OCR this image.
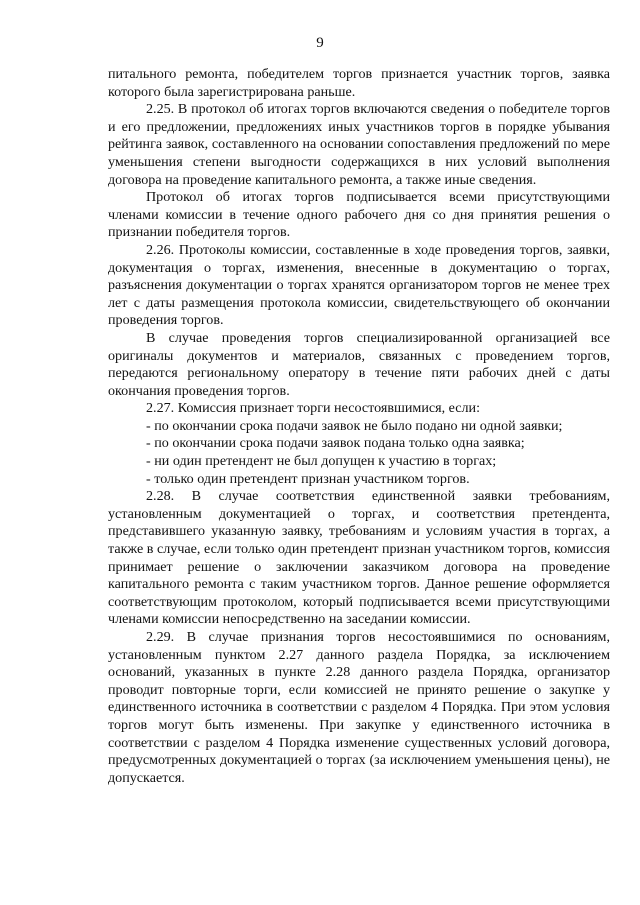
9

питального ремонта, победителем торгов признается участник торгов, заявка которого была зарегистрирована раньше.

2.25. В протокол об итогах торгов включаются сведения о победителе торгов и его предложении, предложениях иных участников торгов в порядке убывания рейтинга заявок, составленного на основании сопоставления предложений по мере уменьшения степени выгодности содержащихся в них условий выполнения договора на проведение капитального ремонта, а также иные сведения.

Протокол об итогах торгов подписывается всеми присутствующими членами комиссии в течение одного рабочего дня со дня принятия решения о признании победителя торгов.

2.26. Протоколы комиссии, составленные в ходе проведения торгов, заявки, документация о торгах, изменения, внесенные в документацию о торгах, разъяснения документации о торгах хранятся организатором торгов не менее трех лет с даты размещения протокола комиссии, свидетельствующего об окончании проведения торгов.

В случае проведения торгов специализированной организацией все оригиналы документов и материалов, связанных с проведением торгов, передаются региональному оператору в течение пяти рабочих дней с даты окончания проведения торгов.

2.27. Комиссия признает торги несостоявшимися, если:

- по окончании срока подачи заявок не было подано ни одной заявки;

- по окончании срока подачи заявок подана только одна заявка;

- ни один претендент не был допущен к участию в торгах;

- только один претендент признан участником торгов.

2.28. В случае соответствия единственной заявки требованиям, установленным документацией о торгах, и соответствия претендента, представившего указанную заявку, требованиям и условиям участия в торгах, а также в случае, если только один претендент признан участником торгов, комиссия принимает решение о заключении заказчиком договора на проведение капитального ремонта с таким участником торгов. Данное решение оформляется соответствующим протоколом, который подписывается всеми присутствующими членами комиссии непосредственно на заседании комиссии.

2.29. В случае признания торгов несостоявшимися по основаниям, установленным пунктом 2.27 данного раздела Порядка, за исключением оснований, указанных в пункте 2.28 данного раздела Порядка, организатор проводит повторные торги, если комиссией не принято решение о закупке у единственного источника в соответствии с разделом 4 Порядка. При этом условия торгов могут быть изменены. При закупке у единственного источника в соответствии с разделом 4 Порядка изменение существенных условий договора, предусмотренных документацией о торгах (за исключением уменьшения цены), не допускается.
